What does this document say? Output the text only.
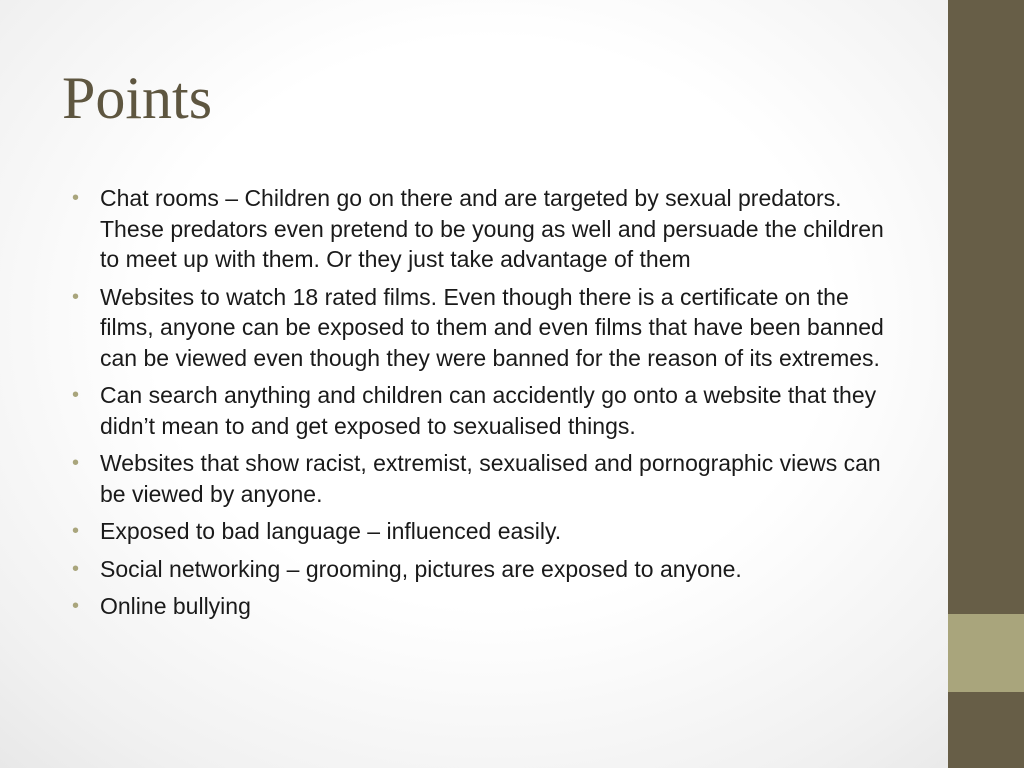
Points
• Chat rooms – Children go on there and are targeted by sexual predators. These predators even pretend to be young as well and persuade the children to meet up with them. Or they just take advantage of them
• Websites to watch 18 rated films. Even though there is a certificate on the films, anyone can be exposed to them and even films that have been banned can be viewed even though they were banned for the reason of its extremes.
• Can search anything and children can accidently go onto a website that they didn’t mean to and get exposed to sexualised things.
• Websites that show racist, extremist, sexualised and pornographic views can be viewed by anyone.
• Exposed to bad language – influenced easily.
• Social networking – grooming, pictures are exposed to anyone.
• Online bullying
